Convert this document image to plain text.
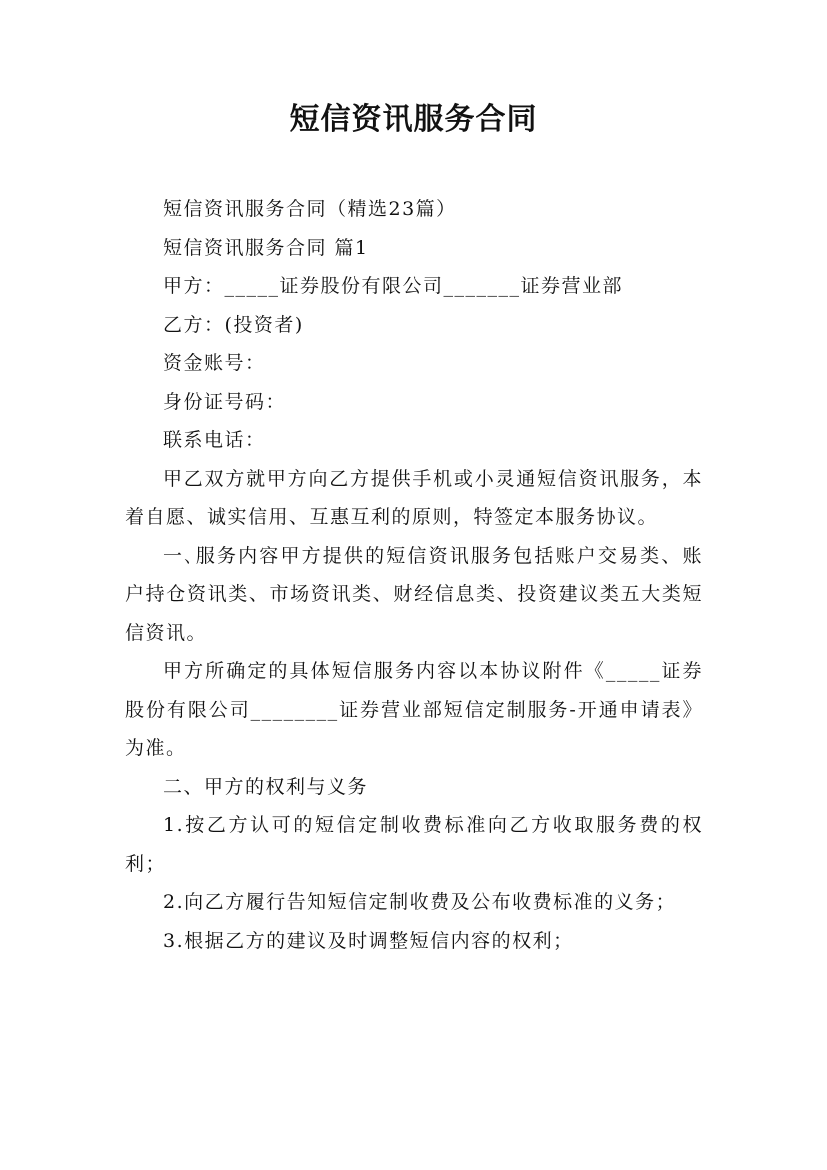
短信资讯服务合同

短信资讯服务合同（精选23篇）

短信资讯服务合同 篇1

甲方：_____证券股份有限公司_______证券营业部

乙方：(投资者)

资金账号：

身份证号码：

联系电话：

甲乙双方就甲方向乙方提供手机或小灵通短信资讯服务，本着自愿、诚实信用、互惠互利的原则，特签定本服务协议。

一､服务内容甲方提供的短信资讯服务包括账户交易类、账户持仓资讯类、市场资讯类、财经信息类、投资建议类五大类短信资讯。

甲方所确定的具体短信服务内容以本协议附件《_____证券股份有限公司________证券营业部短信定制服务-开通申请表》为准。

二、甲方的权利与义务

1.按乙方认可的短信定制收费标准向乙方收取服务费的权利；

2.向乙方履行告知短信定制收费及公布收费标准的义务；

3.根据乙方的建议及时调整短信内容的权利；
